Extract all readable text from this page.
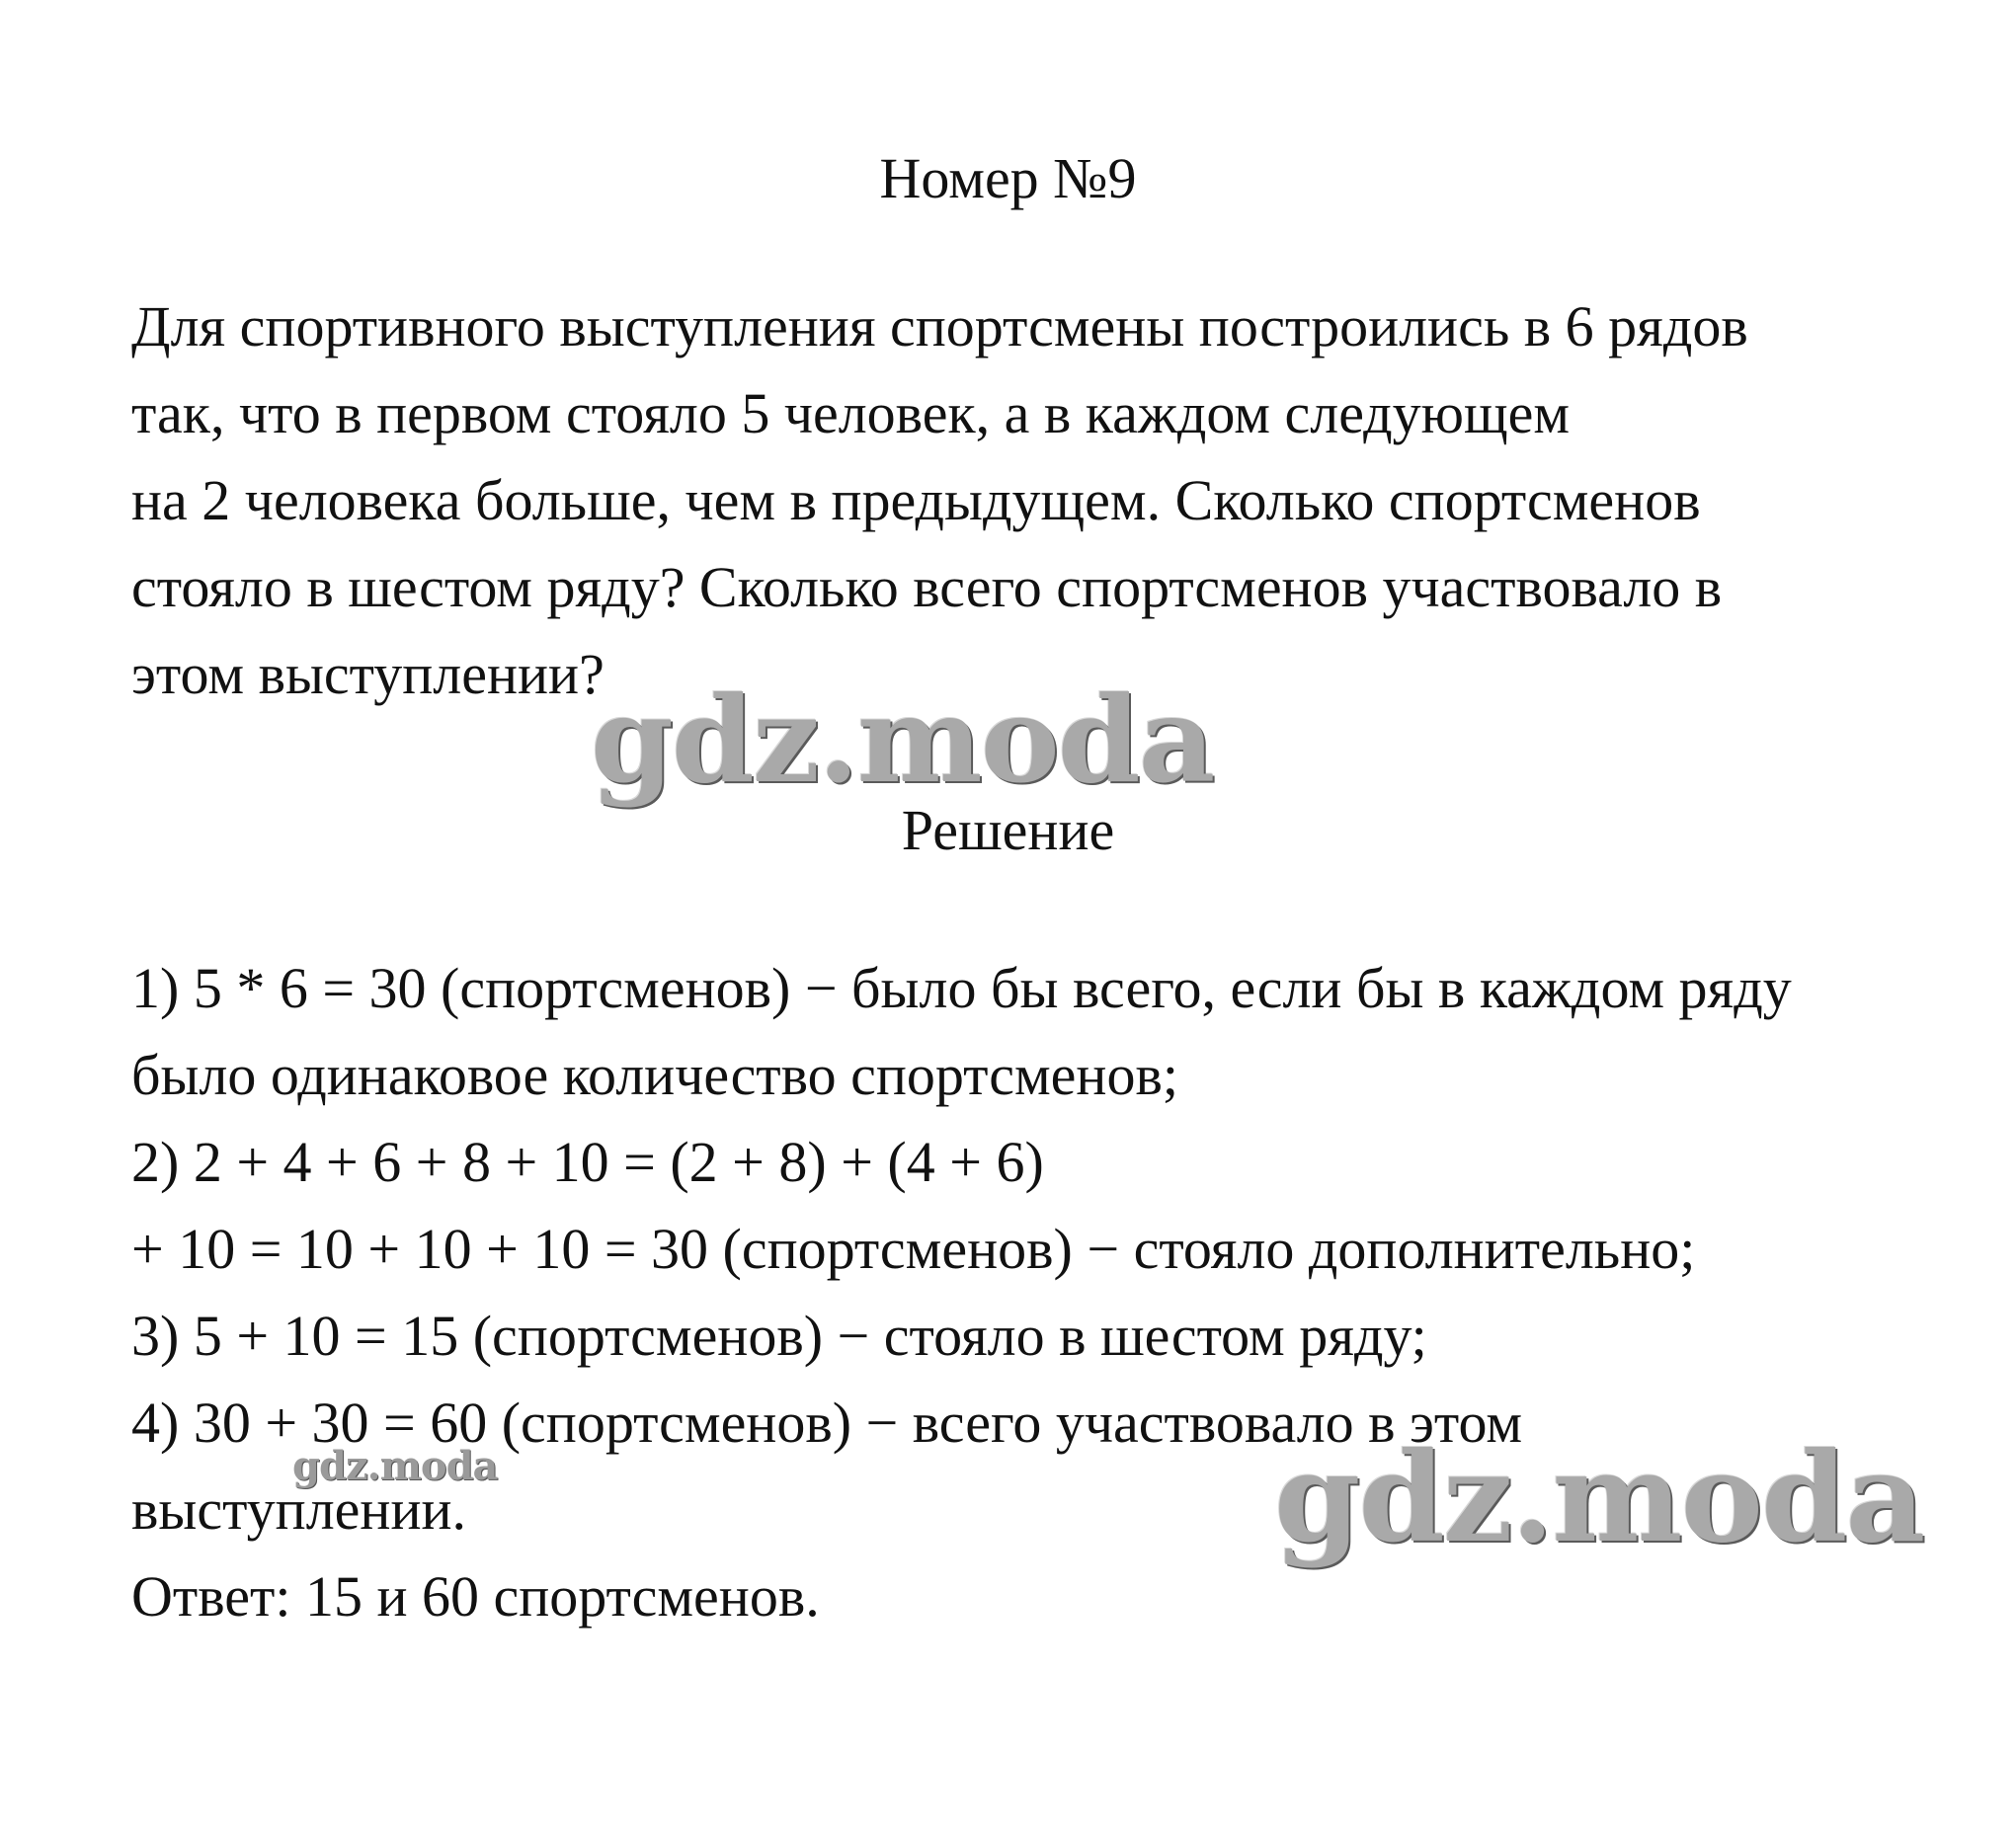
Номер №9
Для спортивного выступления спортсмены построились в 6 рядов
так, что в первом стояло 5 человек, а в каждом следующем
на 2 человека больше, чем в предыдущем. Сколько спортсменов
стояло в шестом ряду? Сколько всего спортсменов участвовало в
этом выступлении?
gdz.moda
Решение
1) 5 * 6 = 30 (спортсменов) − было бы всего, если бы в каждом ряду
было одинаковое количество спортсменов;
2) 2 + 4 + 6 + 8 + 10 = (2 + 8) + (4 + 6)
+ 10 = 10 + 10 + 10 = 30 (спортсменов) − стояло дополнительно;
3) 5 + 10 = 15 (спортсменов) − стояло в шестом ряду;
4) 30 + 30 = 60 (спортсменов) − всего участвовало в этом
выступлении.
Ответ: 15 и 60 спортсменов.
gdz.moda	gdz.moda
